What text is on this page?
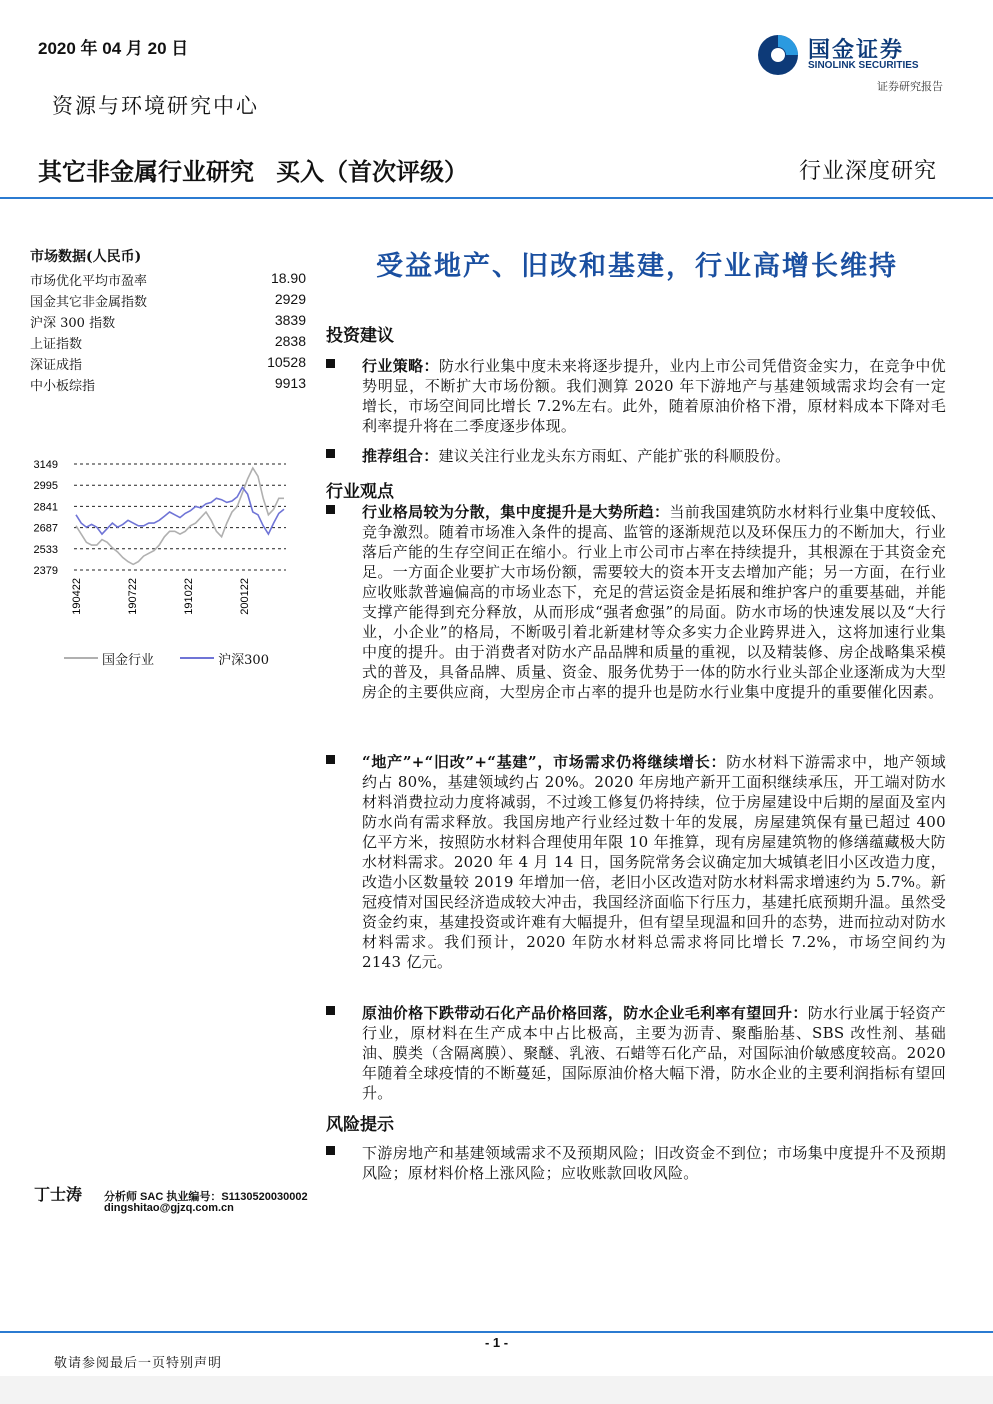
2020 年 04 月 20 日
资源与环境研究中心
其它非金属行业研究 买入（首次评级）	行业深度研究
国金证券
SINOLINK SECURITIES
证券研究报告
市场数据(人民币)
市场优化平均市盈率	18.90
国金其它非金属指数	2929
沪深 300 指数	3839
上证指数	2838
深证成指	10528
中小板综指	9913
3149
2995
2841
2687
2533
2379
190422	190722	191022	200122
国金行业
	沪深300
丁士涛 分析师 SAC 执业编号：S1130520030002
dingshitao@gjzq.com.cn
受益地产、旧改和基建，行业高增长维持
投资建议
行业策略：防水行业集中度未来将逐步提升，业内上市公司凭借资金实力，在竞争中优势明显，不断扩大市场份额。我们测算 2020 年下游地产与基建领域需求均会有一定增长，市场空间同比增长 7.2%左右。此外，随着原油价格下滑，原材料成本下降对毛利率提升将在二季度逐步体现。
推荐组合：建议关注行业龙头东方雨虹、产能扩张的科顺股份。
行业观点
行业格局较为分散，集中度提升是大势所趋：当前我国建筑防水材料行业集中度较低、竞争激烈。随着市场准入条件的提高、监管的逐渐规范以及环保压力的不断加大，行业落后产能的生存空间正在缩小。行业上市公司市占率在持续提升，其根源在于其资金充足。一方面企业要扩大市场份额，需要较大的资本开支去增加产能；另一方面，在行业应收账款普遍偏高的市场业态下，充足的营运资金是拓展和维护客户的重要基础，并能支撑产能得到充分释放，从而形成“强者愈强”的局面。防水市场的快速发展以及“大行业，小企业”的格局，不断吸引着北新建材等众多实力企业跨界进入，这将加速行业集中度的提升。由于消费者对防水产品品牌和质量的重视，以及精装修、房企战略集采模式的普及，具备品牌、质量、资金、服务优势于一体的防水行业头部企业逐渐成为大型房企的主要供应商，大型房企市占率的提升也是防水行业集中度提升的重要催化因素。
“地产”+“旧改”+“基建”，市场需求仍将继续增长：防水材料下游需求中，地产领域约占 80%，基建领域约占 20%。2020 年房地产新开工面积继续承压，开工端对防水材料消费拉动力度将减弱，不过竣工修复仍将持续，位于房屋建设中后期的屋面及室内防水尚有需求释放。我国房地产行业经过数十年的发展，房屋建筑保有量已超过 400 亿平方米，按照防水材料合理使用年限 10 年推算，现有房屋建筑物的修缮蕴藏极大防水材料需求。2020 年 4 月 14 日，国务院常务会议确定加大城镇老旧小区改造力度，改造小区数量较 2019 年增加一倍，老旧小区改造对防水材料需求增速约为 5.7%。新冠疫情对国民经济造成较大冲击，我国经济面临下行压力，基建托底预期升温。虽然受资金约束，基建投资或许难有大幅提升，但有望呈现温和回升的态势，进而拉动对防水材料需求。我们预计，2020 年防水材料总需求将同比增长 7.2%，市场空间约为 2143 亿元。
原油价格下跌带动石化产品价格回落，防水企业毛利率有望回升：防水行业属于轻资产行业，原材料在生产成本中占比极高，主要为沥青、聚酯胎基、SBS 改性剂、基础油、膜类（含隔离膜）、聚醚、乳液、石蜡等石化产品，对国际油价敏感度较高。2020 年随着全球疫情的不断蔓延，国际原油价格大幅下滑，防水企业的主要利润指标有望回升。
风险提示
下游房地产和基建领域需求不及预期风险；旧改资金不到位；市场集中度提升不及预期风险；原材料价格上涨风险；应收账款回收风险。
- 1 -
敬请参阅最后一页特别声明
